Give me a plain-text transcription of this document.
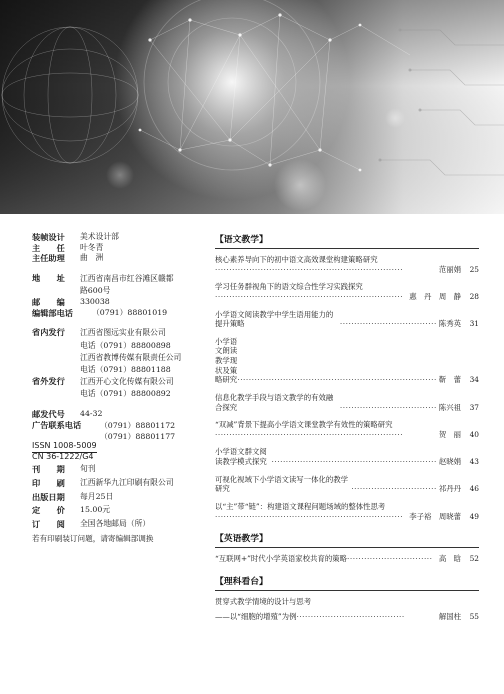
装帧设计	美术设计部
主　　任	叶冬青
主任助理	曲　洲
地　　址	江西省南昌市红谷滩区赣都
路600号
邮　　编	330038
编辑部电话	（0791）88801019
省内发行	江西省图远实业有限公司
电话（0791）88800898
江西省教博传媒有限责任公司
电话（0791）88801188
省外发行	江西开心文化传媒有限公司
电话（0791）88800892
邮发代号	44-32
广告联系电话	（0791）88801172
（0791）88801177
ISSN 1008-5009
CN 36-1222/G4
刊　　期	旬刊
印　　刷	江西新华九江印刷有限公司
出版日期	每月25日
定　　价	15.00元
订　　阅	全国各地邮局（所）
若有印刷装订问题，请寄编辑部调换
【语文教学】
核心素养导向下的初中语文高效课堂构建策略研究
··································································	范丽娟	25
学习任务群视角下的语文综合性学习实践探究
·································································· 惠　丹　周　静	28
小学语文阅读教学中学生语用能力的提升策略	·································· 陈秀英	31
小学语文朗读教学现状及策略研究 ······································································ 靳　蕾	34
信息化教学手段与语文教学的有效融合探究	·································· 陈兴祖	37
“双减”背景下提高小学语文课堂教学有效性的策略研究
··································································	贺　丽	40
小学语文群文阅读教学模式探究 ·························································· 赵晓娟	43
可视化视域下小学语文读写一体化的教学研究	······························ 祁丹丹	46
以“主”带“链”：构建语文课程问题场域的整体性思考
·································································· 李子裕　周晓蕾	49
【英语教学】
“互联网+”时代小学英语家校共育的策略 ······························ 高　晗	52
【理科看台】
贯穿式教学情境的设计与思考
——以“细胞的增殖”为例 ······································	解国柱	55
